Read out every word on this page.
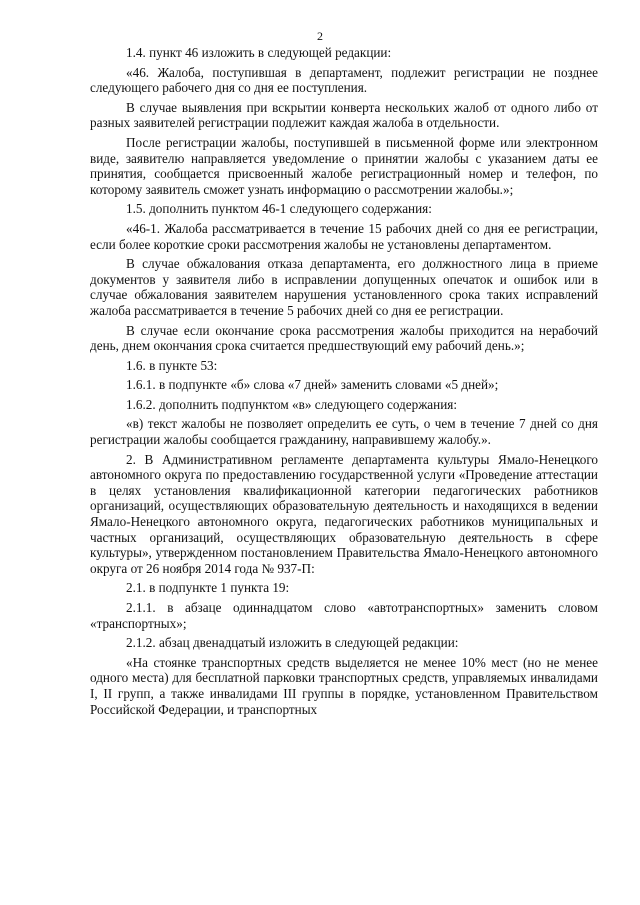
2

1.4. пункт 46 изложить в следующей редакции:

«46. Жалоба, поступившая в департамент, подлежит регистрации не позднее следующего рабочего дня со дня ее поступления.

В случае выявления при вскрытии конверта нескольких жалоб от одного либо от разных заявителей регистрации подлежит каждая жалоба в отдельности.

После регистрации жалобы, поступившей в письменной форме или электронном виде, заявителю направляется уведомление о принятии жалобы с указанием даты ее принятия, сообщается присвоенный жалобе регистрационный номер и телефон, по которому заявитель сможет узнать информацию о рассмотрении жалобы.»;

1.5. дополнить пунктом 46-1 следующего содержания:

«46-1. Жалоба рассматривается в течение 15 рабочих дней со дня ее регистрации, если более короткие сроки рассмотрения жалобы не установлены департаментом.

В случае обжалования отказа департамента, его должностного лица в приеме документов у заявителя либо в исправлении допущенных опечаток и ошибок или в случае обжалования заявителем нарушения установленного срока таких исправлений жалоба рассматривается в течение 5 рабочих дней со дня ее регистрации.

В случае если окончание срока рассмотрения жалобы приходится на нерабочий день, днем окончания срока считается предшествующий ему рабочий день.»;

1.6. в пункте 53:

1.6.1. в подпункте «б» слова «7 дней» заменить словами «5 дней»;

1.6.2. дополнить подпунктом «в» следующего содержания:

«в) текст жалобы не позволяет определить ее суть, о чем в течение 7 дней со дня регистрации жалобы сообщается гражданину, направившему жалобу.».

2. В Административном регламенте департамента культуры Ямало-Ненецкого автономного округа по предоставлению государственной услуги «Проведение аттестации в целях установления квалификационной категории педагогических работников организаций, осуществляющих образовательную деятельность и находящихся в ведении Ямало-Ненецкого автономного округа, педагогических работников муниципальных и частных организаций, осуществляющих образовательную деятельность в сфере культуры», утвержденном постановлением Правительства Ямало-Ненецкого автономного округа от 26 ноября 2014 года № 937-П:

2.1. в подпункте 1 пункта 19:

2.1.1. в абзаце одиннадцатом слово «автотранспортных» заменить словом «транспортных»;

2.1.2. абзац двенадцатый изложить в следующей редакции:

«На стоянке транспортных средств выделяется не менее 10% мест (но не менее одного места) для бесплатной парковки транспортных средств, управляемых инвалидами I, II групп, а также инвалидами III группы в порядке, установленном Правительством Российской Федерации, и транспортных
